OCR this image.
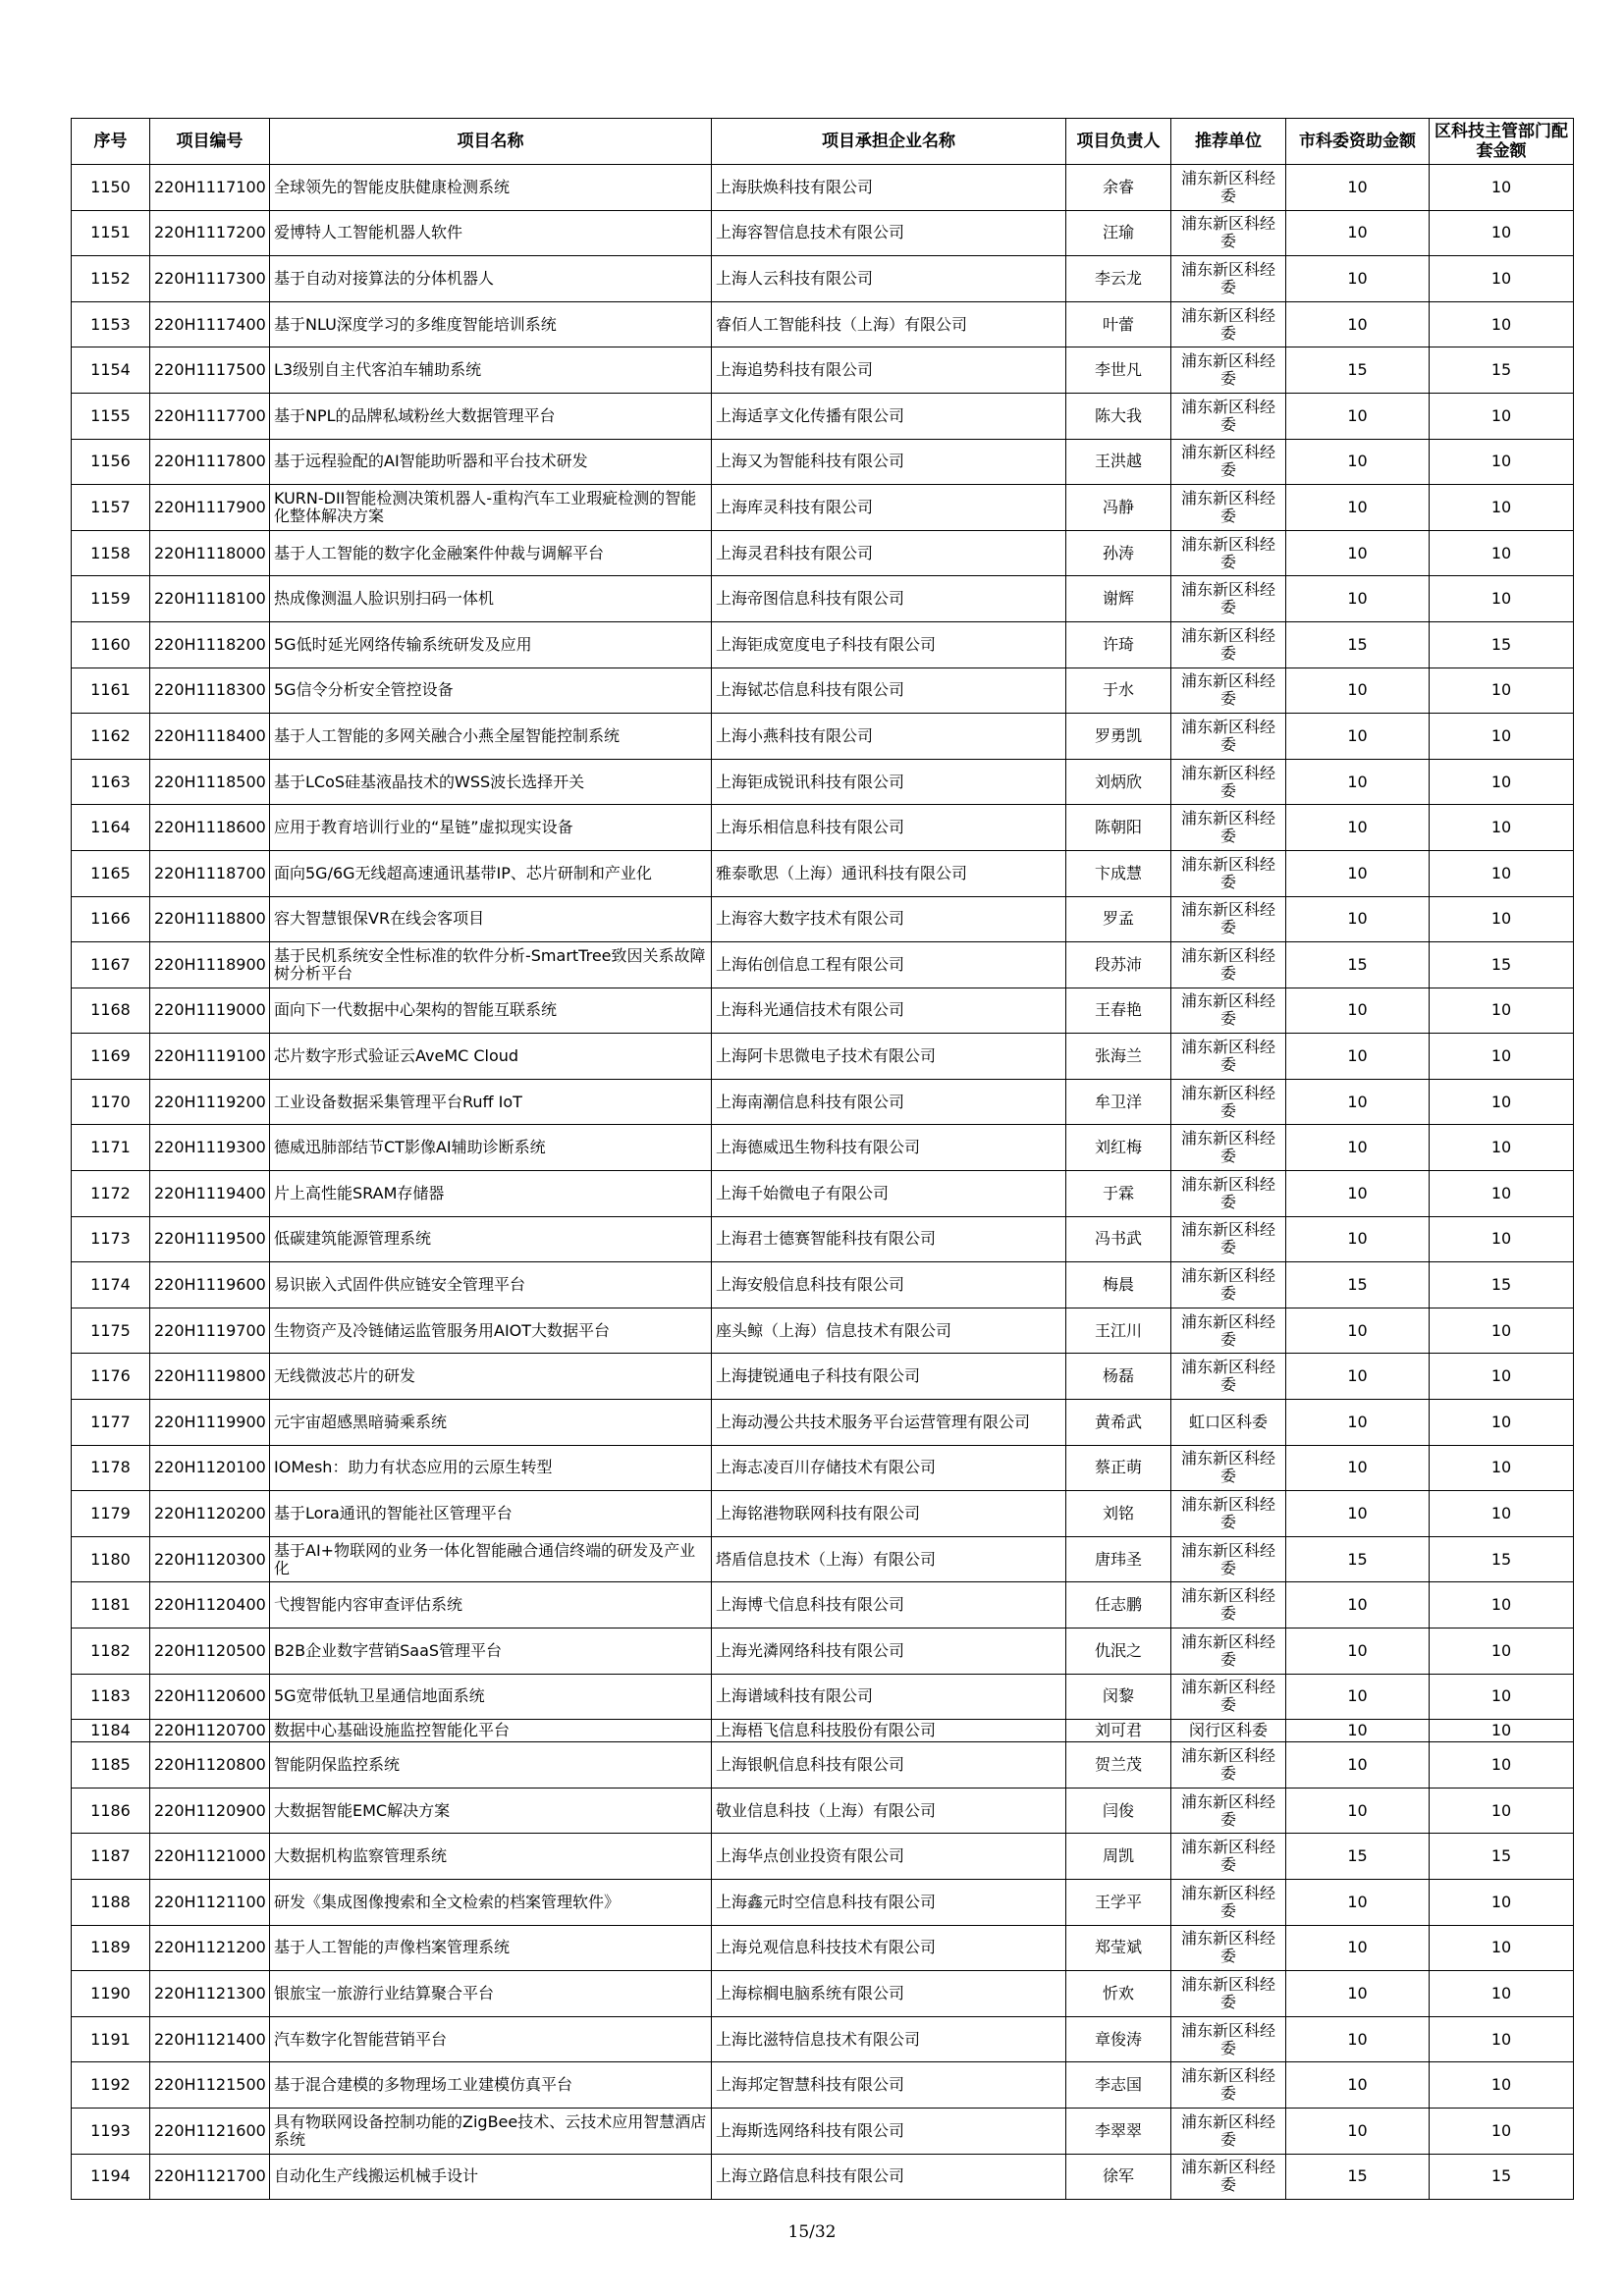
序号	项目编号	项目名称	项目承担企业名称	项目负责人	推荐单位	市科委资助金额	区科技主管部门配套金额
1150	220H1117100	全球领先的智能皮肤健康检测系统	上海肤焕科技有限公司	余睿	浦东新区科经委	10	10
1151	220H1117200	爱博特人工智能机器人软件	上海容智信息技术有限公司	汪瑜	浦东新区科经委	10	10
1152	220H1117300	基于自动对接算法的分体机器人	上海人云科技有限公司	李云龙	浦东新区科经委	10	10
1153	220H1117400	基于NLU深度学习的多维度智能培训系统	睿佰人工智能科技（上海）有限公司	叶蕾	浦东新区科经委	10	10
1154	220H1117500	L3级别自主代客泊车辅助系统	上海追势科技有限公司	李世凡	浦东新区科经委	15	15
1155	220H1117700	基于NPL的品牌私域粉丝大数据管理平台	上海适享文化传播有限公司	陈大我	浦东新区科经委	10	10
1156	220H1117800	基于远程验配的AI智能助听器和平台技术研发	上海又为智能科技有限公司	王洪越	浦东新区科经委	10	10
1157	220H1117900	KURN-DII智能检测决策机器人-重构汽车工业瑕疵检测的智能化整体解决方案	上海库灵科技有限公司	冯静	浦东新区科经委	10	10
1158	220H1118000	基于人工智能的数字化金融案件仲裁与调解平台	上海灵君科技有限公司	孙涛	浦东新区科经委	10	10
1159	220H1118100	热成像测温人脸识别扫码一体机	上海帝图信息科技有限公司	谢辉	浦东新区科经委	10	10
1160	220H1118200	5G低时延光网络传输系统研发及应用	上海钜成宽度电子科技有限公司	许琦	浦东新区科经委	15	15
1161	220H1118300	5G信令分析安全管控设备	上海铽芯信息科技有限公司	于水	浦东新区科经委	10	10
1162	220H1118400	基于人工智能的多网关融合小燕全屋智能控制系统	上海小燕科技有限公司	罗勇凯	浦东新区科经委	10	10
1163	220H1118500	基于LCoS硅基液晶技术的WSS波长选择开关	上海钜成锐讯科技有限公司	刘炳欣	浦东新区科经委	10	10
1164	220H1118600	应用于教育培训行业的“星链”虚拟现实设备	上海乐相信息科技有限公司	陈朝阳	浦东新区科经委	10	10
1165	220H1118700	面向5G/6G无线超高速通讯基带IP、芯片研制和产业化	雅泰歌思（上海）通讯科技有限公司	卞成慧	浦东新区科经委	10	10
1166	220H1118800	容大智慧银保VR在线会客项目	上海容大数字技术有限公司	罗孟	浦东新区科经委	10	10
1167	220H1118900	基于民机系统安全性标准的软件分析-SmartTree致因关系故障树分析平台	上海佑创信息工程有限公司	段苏沛	浦东新区科经委	15	15
1168	220H1119000	面向下一代数据中心架构的智能互联系统	上海科光通信技术有限公司	王春艳	浦东新区科经委	10	10
1169	220H1119100	芯片数字形式验证云AveMC Cloud	上海阿卡思微电子技术有限公司	张海兰	浦东新区科经委	10	10
1170	220H1119200	工业设备数据采集管理平台Ruff IoT	上海南潮信息科技有限公司	牟卫洋	浦东新区科经委	10	10
1171	220H1119300	德威迅肺部结节CT影像AI辅助诊断系统	上海德威迅生物科技有限公司	刘红梅	浦东新区科经委	10	10
1172	220H1119400	片上高性能SRAM存储器	上海千始微电子有限公司	于霖	浦东新区科经委	10	10
1173	220H1119500	低碳建筑能源管理系统	上海君士德赛智能科技有限公司	冯书武	浦东新区科经委	10	10
1174	220H1119600	易识嵌入式固件供应链安全管理平台	上海安般信息科技有限公司	梅晨	浦东新区科经委	15	15
1175	220H1119700	生物资产及冷链储运监管服务用AIOT大数据平台	座头鲸（上海）信息技术有限公司	王江川	浦东新区科经委	10	10
1176	220H1119800	无线微波芯片的研发	上海捷锐通电子科技有限公司	杨磊	浦东新区科经委	10	10
1177	220H1119900	元宇宙超感黑暗骑乘系统	上海动漫公共技术服务平台运营管理有限公司	黄希武	虹口区科委	10	10
1178	220H1120100	IOMesh：助力有状态应用的云原生转型	上海志凌百川存储技术有限公司	蔡正萌	浦东新区科经委	10	10
1179	220H1120200	基于Lora通讯的智能社区管理平台	上海铭港物联网科技有限公司	刘铭	浦东新区科经委	10	10
1180	220H1120300	基于AI+物联网的业务一体化智能融合通信终端的研发及产业化	塔盾信息技术（上海）有限公司	唐玮圣	浦东新区科经委	15	15
1181	220H1120400	弋搜智能内容审查评估系统	上海博弋信息科技有限公司	任志鹏	浦东新区科经委	10	10
1182	220H1120500	B2B企业数字营销SaaS管理平台	上海光潾网络科技有限公司	仇泯之	浦东新区科经委	10	10
1183	220H1120600	5G宽带低轨卫星通信地面系统	上海谱域科技有限公司	闵黎	浦东新区科经委	10	10
1184	220H1120700	数据中心基础设施监控智能化平台	上海梧飞信息科技股份有限公司	刘可君	闵行区科委	10	10
1185	220H1120800	智能阴保监控系统	上海银帆信息科技有限公司	贺兰茂	浦东新区科经委	10	10
1186	220H1120900	大数据智能EMC解决方案	敬业信息科技（上海）有限公司	闫俊	浦东新区科经委	10	10
1187	220H1121000	大数据机构监察管理系统	上海华点创业投资有限公司	周凯	浦东新区科经委	15	15
1188	220H1121100	研发《集成图像搜索和全文检索的档案管理软件》	上海鑫元时空信息科技有限公司	王学平	浦东新区科经委	10	10
1189	220H1121200	基于人工智能的声像档案管理系统	上海兑观信息科技技术有限公司	郑莹斌	浦东新区科经委	10	10
1190	220H1121300	银旅宝一旅游行业结算聚合平台	上海棕榈电脑系统有限公司	忻欢	浦东新区科经委	10	10
1191	220H1121400	汽车数字化智能营销平台	上海比滋特信息技术有限公司	章俊涛	浦东新区科经委	10	10
1192	220H1121500	基于混合建模的多物理场工业建模仿真平台	上海邦定智慧科技有限公司	李志国	浦东新区科经委	10	10
1193	220H1121600	具有物联网设备控制功能的ZigBee技术、云技术应用智慧酒店系统	上海斯选网络科技有限公司	李翠翠	浦东新区科经委	10	10
1194	220H1121700	自动化生产线搬运机械手设计	上海立路信息科技有限公司	徐军	浦东新区科经委	15	15
15/32
